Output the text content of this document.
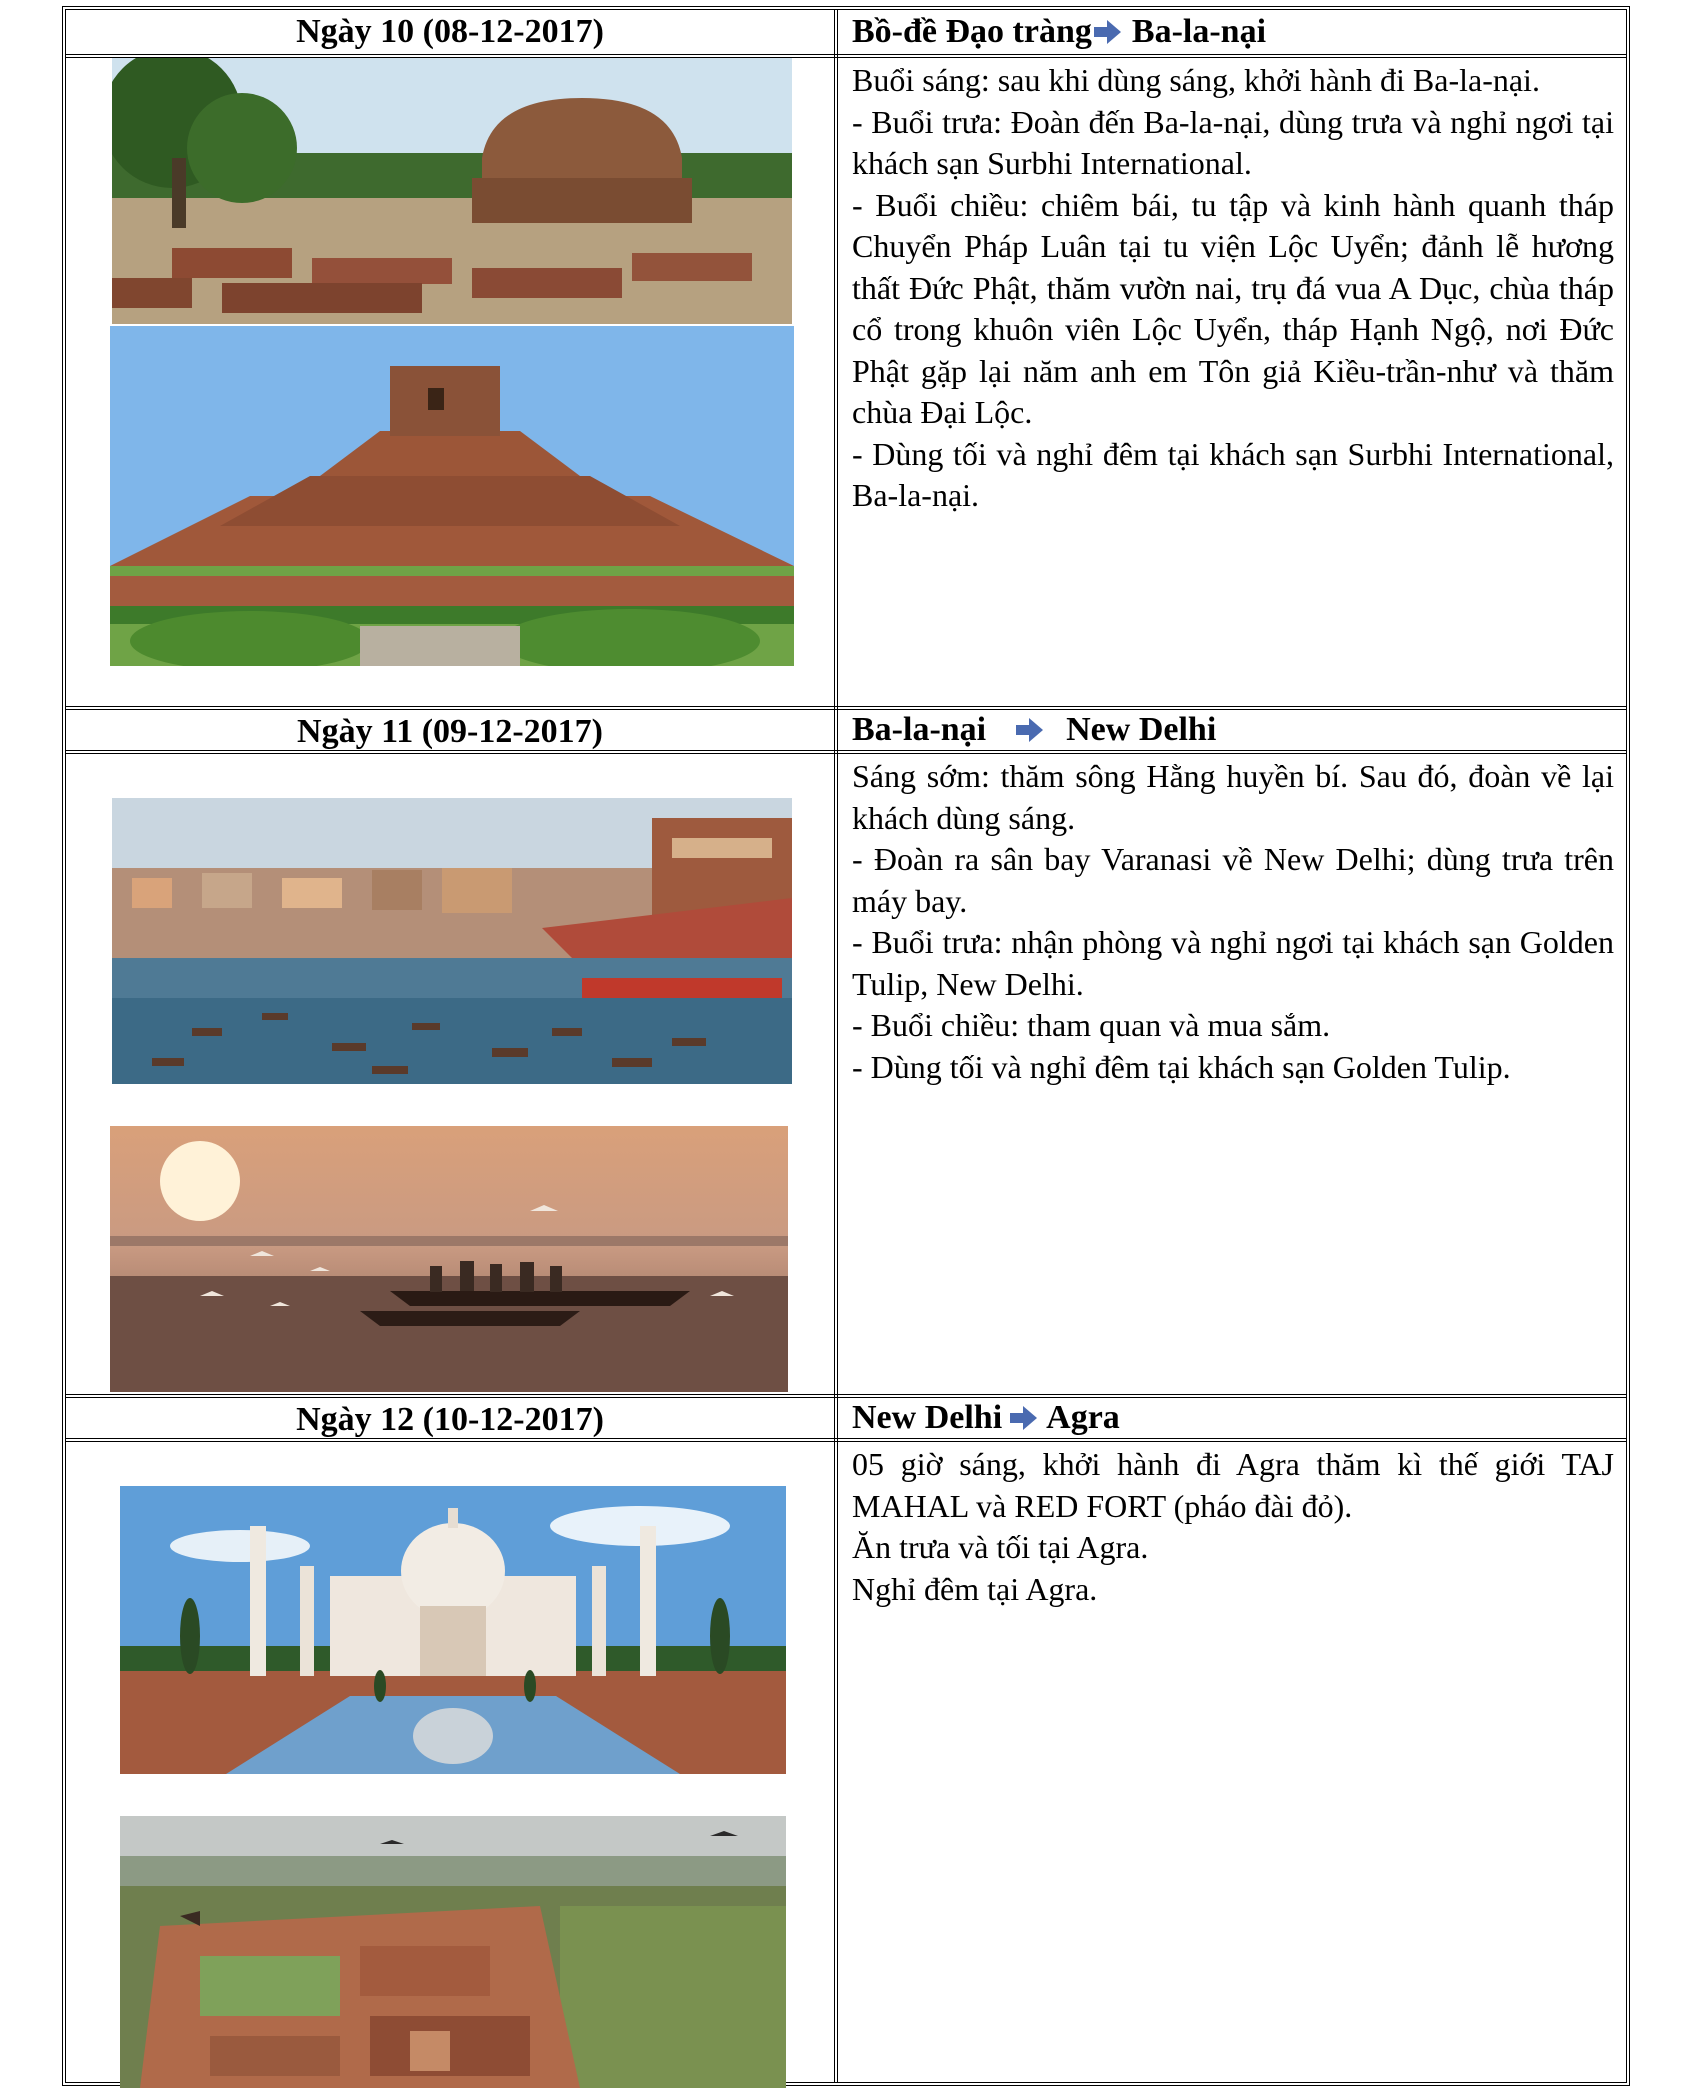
Ngày 10 (08-12-2017)	Bồ-đề Đạo tràng Ba-la-nại

Buổi sáng: sau khi dùng sáng, khởi hành đi Ba-la-nại.

- Buổi trưa: Đoàn đến Ba-la-nại, dùng trưa và nghỉ ngơi tại khách sạn Surbhi International.

- Buổi chiều: chiêm bái, tu tập và kinh hành quanh tháp Chuyển Pháp Luân tại tu viện Lộc Uyển; đảnh lễ hương thất Đức Phật, thăm vườn nai, trụ đá vua A Dục, chùa tháp cổ trong khuôn viên Lộc Uyển, tháp Hạnh Ngộ, nơi Đức Phật gặp lại năm anh em Tôn giả Kiều-trần-như và thăm chùa Đại Lộc.

- Dùng tối và nghỉ đêm tại khách sạn Surbhi International, Ba-la-nại.

Ngày 11 (09-12-2017)	Ba-la-nại New Delhi

Sáng sớm: thăm sông Hằng huyền bí. Sau đó, đoàn về lại khách dùng sáng.

- Đoàn ra sân bay Varanasi về New Delhi; dùng trưa trên máy bay.

- Buổi trưa: nhận phòng và nghỉ ngơi tại khách sạn Golden Tulip, New Delhi.

- Buổi chiều: tham quan và mua sắm.

- Dùng tối và nghỉ đêm tại khách sạn Golden Tulip.

Ngày 12 (10-12-2017)	New Delhi Agra

05 giờ sáng, khởi hành đi Agra thăm kì thế giới TAJ MAHAL và RED FORT (pháo đài đỏ).

Ăn trưa và tối tại Agra.

Nghỉ đêm tại Agra.
